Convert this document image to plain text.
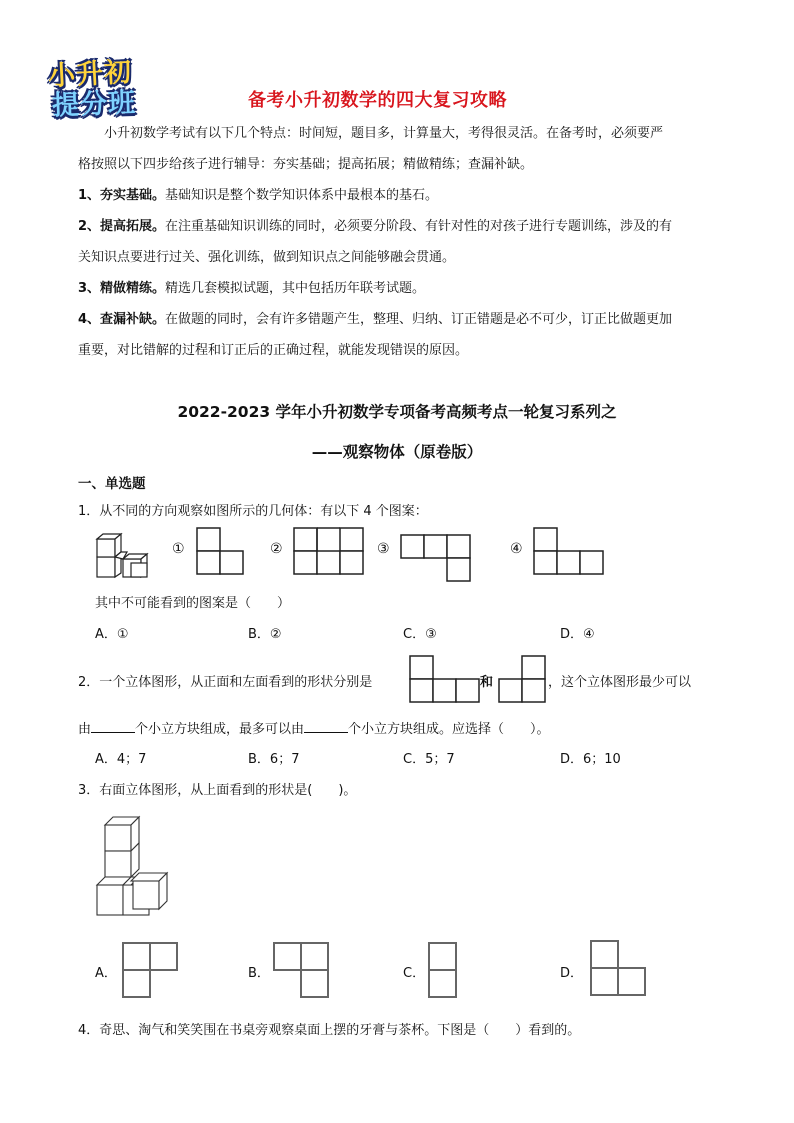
小升初
提分班	备考小升初数学的四大复习攻略
小升初数学考试有以下几个特点：时间短，题目多，计算量大，考得很灵活。在备考时，必须要严
格按照以下四步给孩子进行辅导：夯实基础；提高拓展；精做精练；查漏补缺。
1、夯实基础。基础知识是整个数学知识体系中最根本的基石。
2、提高拓展。在注重基础知识训练的同时，必须要分阶段、有针对性的对孩子进行专题训练，涉及的有
关知识点要进行过关、强化训练，做到知识点之间能够融会贯通。
3、精做精练。精选几套模拟试题，其中包括历年联考试题。
4、查漏补缺。在做题的同时，会有许多错题产生，整理、归纳、订正错题是必不可少，订正比做题更加
重要，对比错解的过程和订正后的正确过程，就能发现错误的原因。
2022-2023 学年小升初数学专项备考高频考点一轮复习系列之
——观察物体（原卷版）
一、单选题
1．从不同的方向观察如图所示的几何体：有以下 4 个图案：
①	②	③	④
其中不可能看到的图案是（　　）
A．①	B．②	C．③	D．④
2．一个立体图形，从正面和左面看到的形状分别是	和	，这个立体图形最少可以
由	个小立方块组成，最多可以由	个小立方块组成。应选择（　　）。
A．4；7	B．6；7	C．5；7	D．6；10
3．右面立体图形，从上面看到的形状是(　　)。
A．	B．	C．	D．
4．奇思、淘气和笑笑围在书桌旁观察桌面上摆的牙膏与茶杯。下图是（　　）看到的。
